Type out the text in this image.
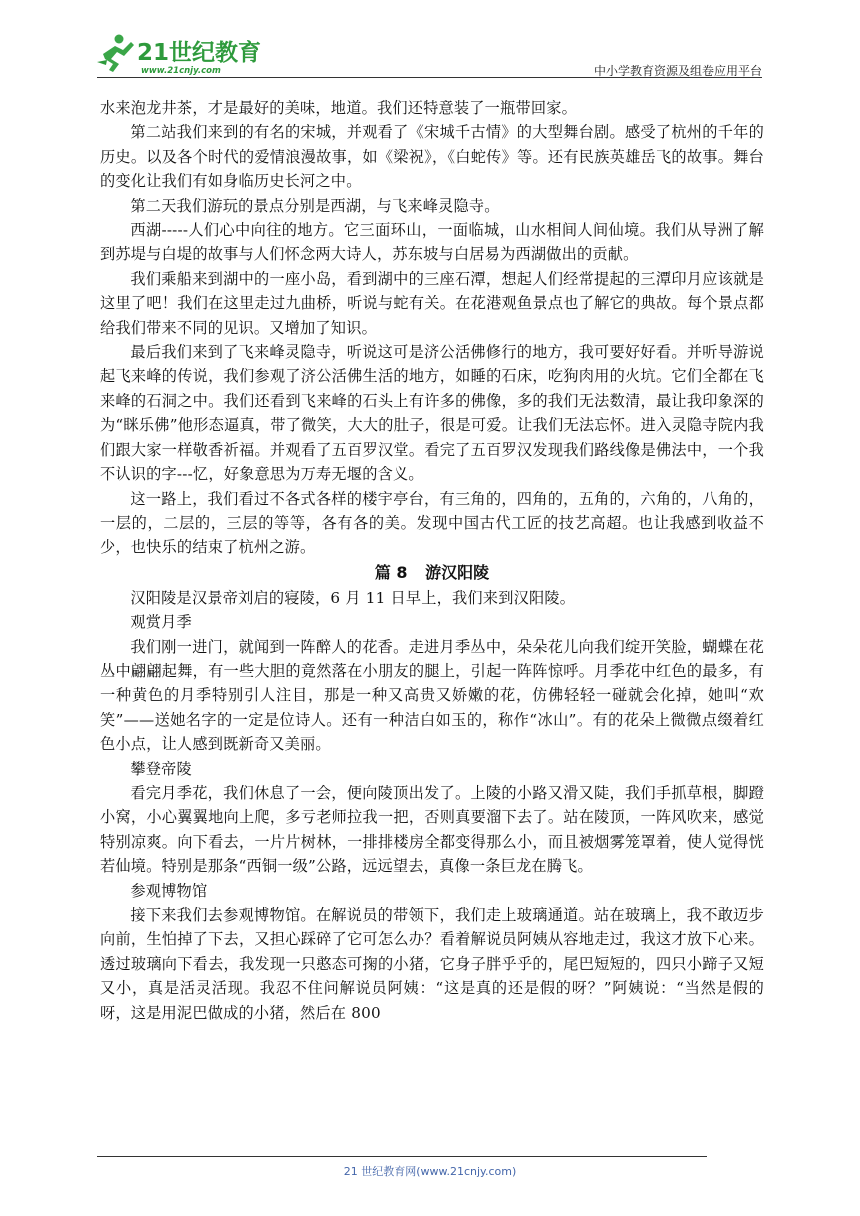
21世纪教育
www.21cnjy.com	中小学教育资源及组卷应用平台

水来泡龙井茶，才是最好的美味，地道。我们还特意装了一瓶带回家。

第二站我们来到的有名的宋城，并观看了《宋城千古情》的大型舞台剧。感受了杭州的千年的历史。以及各个时代的爱情浪漫故事，如《梁祝》，《白蛇传》等。还有民族英雄岳飞的故事。舞台的变化让我们有如身临历史长河之中。

第二天我们游玩的景点分别是西湖，与飞来峰灵隐寺。

西湖-----人们心中向往的地方。它三面环山，一面临城，山水相间人间仙境。我们从导洲了解到苏堤与白堤的故事与人们怀念两大诗人，苏东坡与白居易为西湖做出的贡献。

我们乘船来到湖中的一座小岛，看到湖中的三座石潭，想起人们经常提起的三潭印月应该就是这里了吧！我们在这里走过九曲桥，听说与蛇有关。在花港观鱼景点也了解它的典故。每个景点都给我们带来不同的见识。又增加了知识。

最后我们来到了飞来峰灵隐寺，听说这可是济公活佛修行的地方，我可要好好看。并听导游说起飞来峰的传说，我们参观了济公活佛生活的地方，如睡的石床，吃狗肉用的火坑。它们全都在飞来峰的石洞之中。我们还看到飞来峰的石头上有许多的佛像，多的我们无法数清，最让我印象深的为“眯乐佛”他形态逼真，带了微笑，大大的肚子，很是可爱。让我们无法忘怀。进入灵隐寺院内我们跟大家一样敬香祈福。并观看了五百罗汉堂。看完了五百罗汉发现我们路线像是佛法中，一个我不认识的字---忆，好象意思为万寿无堰的含义。

这一路上，我们看过不各式各样的楼宇亭台，有三角的，四角的，五角的，六角的，八角的，一层的，二层的，三层的等等，各有各的美。发现中国古代工匠的技艺高超。也让我感到收益不少，也快乐的结束了杭州之游。

篇 8 游汉阳陵

汉阳陵是汉景帝刘启的寝陵，6 月 11 日早上，我们来到汉阳陵。

观赏月季

我们刚一进门，就闻到一阵醉人的花香。走进月季丛中，朵朵花儿向我们绽开笑脸，蝴蝶在花丛中翩翩起舞，有一些大胆的竟然落在小朋友的腿上，引起一阵阵惊呼。月季花中红色的最多，有一种黄色的月季特别引人注目，那是一种又高贵又娇嫩的花，仿佛轻轻一碰就会化掉，她叫“欢笑”——送她名字的一定是位诗人。还有一种洁白如玉的，称作“冰山”。有的花朵上微微点缀着红色小点，让人感到既新奇又美丽。

攀登帝陵

看完月季花，我们休息了一会，便向陵顶出发了。上陵的小路又滑又陡，我们手抓草根，脚蹬小窝，小心翼翼地向上爬，多亏老师拉我一把，否则真要溜下去了。站在陵顶，一阵风吹来，感觉特别凉爽。向下看去，一片片树林，一排排楼房全都变得那么小，而且被烟雾笼罩着，使人觉得恍若仙境。特别是那条“西铜一级”公路，远远望去，真像一条巨龙在腾飞。

参观博物馆

接下来我们去参观博物馆。在解说员的带领下，我们走上玻璃通道。站在玻璃上，我不敢迈步向前，生怕掉了下去，又担心踩碎了它可怎么办？看着解说员阿姨从容地走过，我这才放下心来。透过玻璃向下看去，我发现一只憨态可掬的小猪，它身子胖乎乎的，尾巴短短的，四只小蹄子又短又小，真是活灵活现。我忍不住问解说员阿姨：“这是真的还是假的呀？”阿姨说：“当然是假的呀，这是用泥巴做成的小猪，然后在 800

21 世纪教育网(www.21cnjy.com)
